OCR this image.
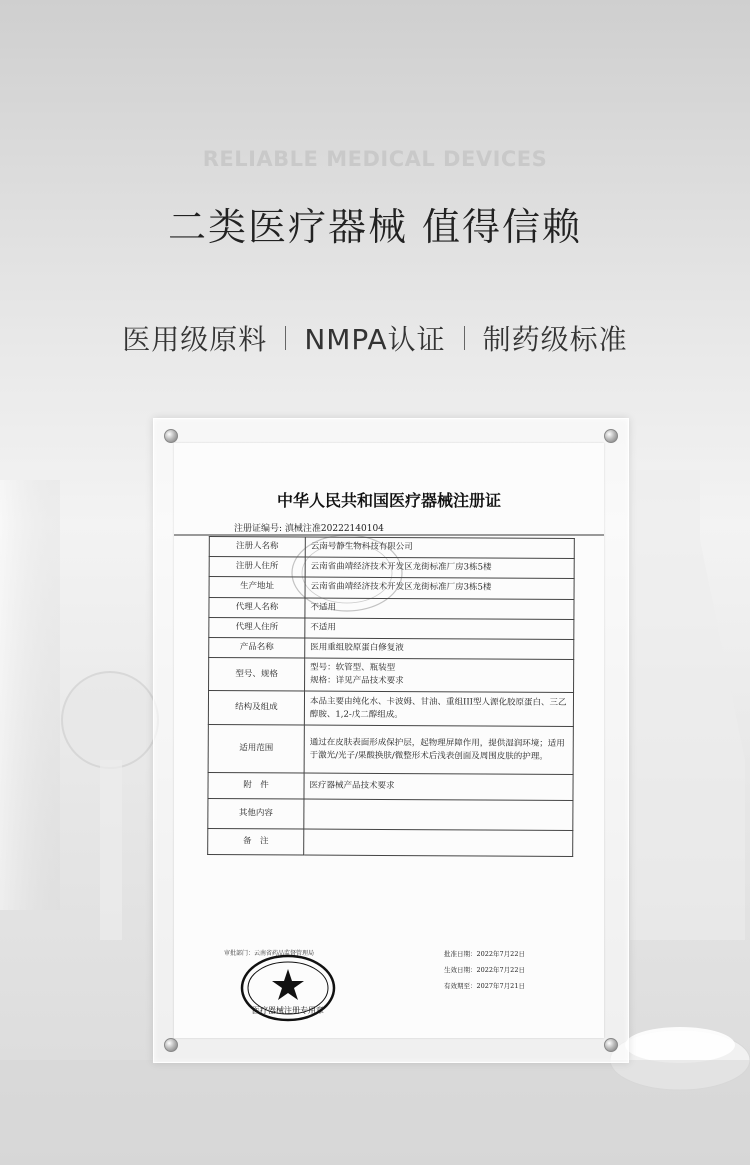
RELIABLE MEDICAL DEVICES
二类医疗器械 值得信赖
医用级原料 NMPA认证 制药级标准
中华人民共和国医疗器械注册证
注册证编号: 滇械注准20222140104
注册人名称	云南号静生物科技有限公司

注册人住所	云南省曲靖经济技术开发区龙街标准厂房3栋5楼

生产地址	云南省曲靖经济技术开发区龙街标准厂房3栋5楼

代理人名称	不适用

代理人住所	不适用

产品名称	医用重组胶原蛋白修复液

型号、规格	型号：软管型、瓶装型
规格：详见产品技术要求

结构及组成	本品主要由纯化水、卡波姆、甘油、重组III型人源化胶原蛋白、三乙醇胺、1,2-戊二醇组成。

适用范围	通过在皮肤表面形成保护层，起物理屏障作用，提供湿润环境；适用于激光/光子/果酸换肤/微整形术后浅表创面及周围皮肤的护理。

附　件	医疗器械产品技术要求

其他内容	

备　注	
审批部门：云南省药品监督管理局	批准日期：2022年7月22日
生效日期：2022年7月22日
有效期至：2027年7月21日
医疗器械注册专用章
